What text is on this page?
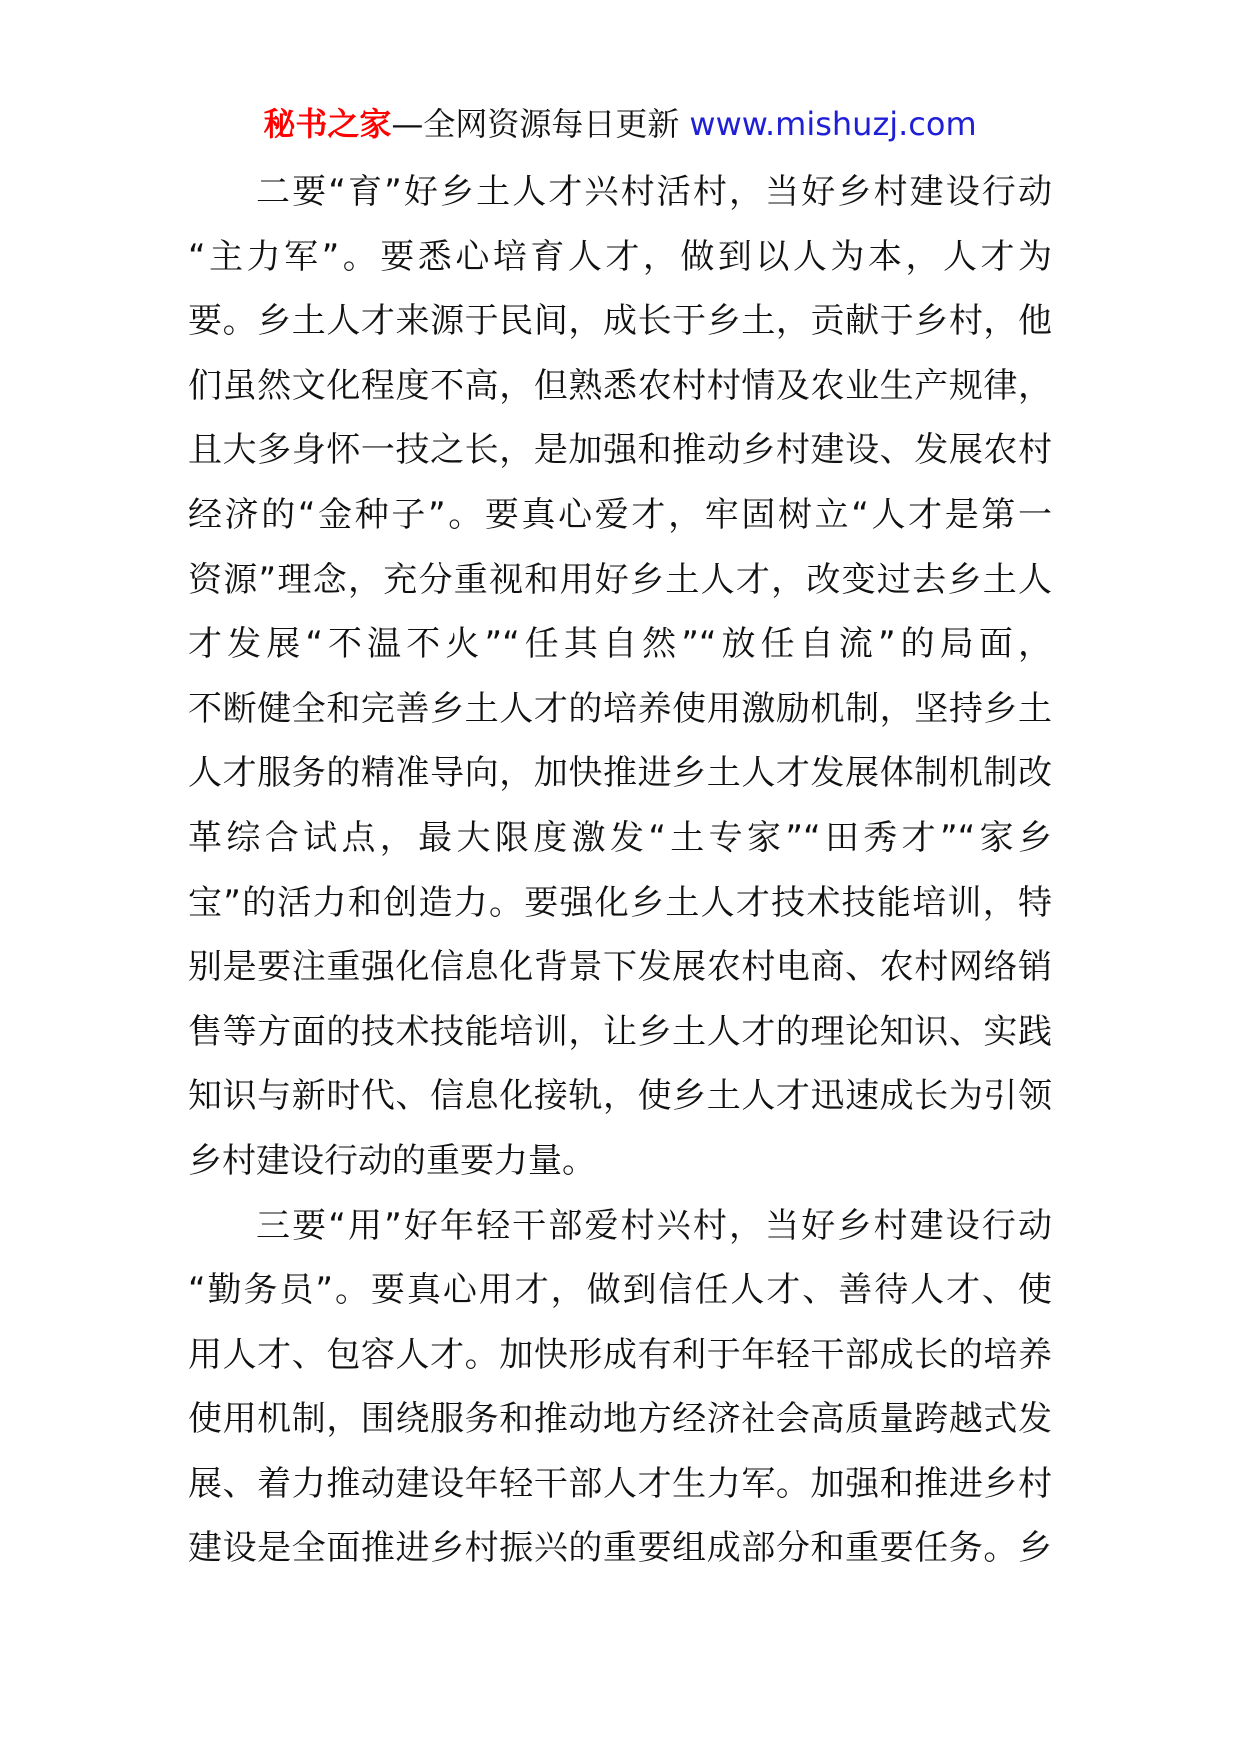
秘书之家—全网资源每日更新 www.mishuzj.com
二要“育”好乡土人才兴村活村，当好乡村建设行动
“主力军”。要悉心培育人才，做到以人为本，人才为
要。乡土人才来源于民间，成长于乡土，贡献于乡村，他
们虽然文化程度不高，但熟悉农村村情及农业生产规律，
且大多身怀一技之长，是加强和推动乡村建设、发展农村
经济的“金种子”。要真心爱才，牢固树立“人才是第一
资源”理念，充分重视和用好乡土人才，改变过去乡土人
才发展“不温不火”“任其自然”“放任自流”的局面，
不断健全和完善乡土人才的培养使用激励机制，坚持乡土
人才服务的精准导向，加快推进乡土人才发展体制机制改
革综合试点，最大限度激发“土专家”“田秀才”“家乡
宝”的活力和创造力。要强化乡土人才技术技能培训，特
别是要注重强化信息化背景下发展农村电商、农村网络销
售等方面的技术技能培训，让乡土人才的理论知识、实践
知识与新时代、信息化接轨，使乡土人才迅速成长为引领
乡村建设行动的重要力量。
三要“用”好年轻干部爱村兴村，当好乡村建设行动
“勤务员”。要真心用才，做到信任人才、善待人才、使
用人才、包容人才。加快形成有利于年轻干部成长的培养
使用机制，围绕服务和推动地方经济社会高质量跨越式发
展、着力推动建设年轻干部人才生力军。加强和推进乡村
建设是全面推进乡村振兴的重要组成部分和重要任务。乡
